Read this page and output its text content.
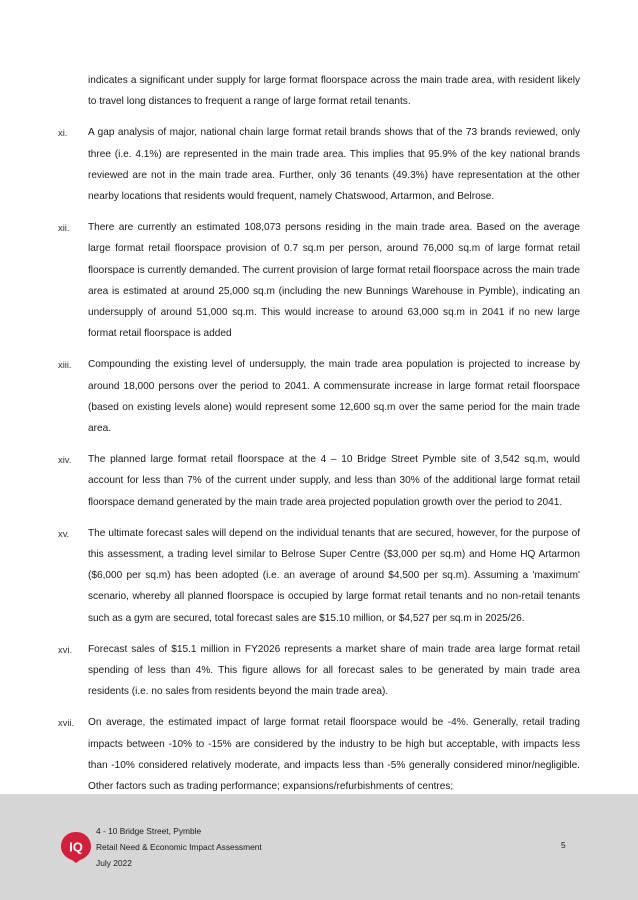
indicates a significant under supply for large format floorspace across the main trade area, with resident likely to travel long distances to frequent a range of large format retail tenants.

xi. A gap analysis of major, national chain large format retail brands shows that of the 73 brands reviewed, only three (i.e. 4.1%) are represented in the main trade area. This implies that 95.9% of the key national brands reviewed are not in the main trade area. Further, only 36 tenants (49.3%) have representation at the other nearby locations that residents would frequent, namely Chatswood, Artarmon, and Belrose.
xii. There are currently an estimated 108,073 persons residing in the main trade area. Based on the average large format retail floorspace provision of 0.7 sq.m per person, around 76,000 sq.m of large format retail floorspace is currently demanded. The current provision of large format retail floorspace across the main trade area is estimated at around 25,000 sq.m (including the new Bunnings Warehouse in Pymble), indicating an undersupply of around 51,000 sq.m. This would increase to around 63,000 sq.m in 2041 if no new large format retail floorspace is added
xiii. Compounding the existing level of undersupply, the main trade area population is projected to increase by around 18,000 persons over the period to 2041. A commensurate increase in large format retail floorspace (based on existing levels alone) would represent some 12,600 sq.m over the same period for the main trade area.
xiv. The planned large format retail floorspace at the 4 – 10 Bridge Street Pymble site of 3,542 sq.m, would account for less than 7% of the current under supply, and less than 30% of the additional large format retail floorspace demand generated by the main trade area projected population growth over the period to 2041.
xv. The ultimate forecast sales will depend on the individual tenants that are secured, however, for the purpose of this assessment, a trading level similar to Belrose Super Centre ($3,000 per sq.m) and Home HQ Artarmon ($6,000 per sq.m) has been adopted (i.e. an average of around $4,500 per sq.m). Assuming a 'maximum' scenario, whereby all planned floorspace is occupied by large format retail tenants and no non-retail tenants such as a gym are secured, total forecast sales are $15.10 million, or $4,527 per sq.m in 2025/26.
xvi. Forecast sales of $15.1 million in FY2026 represents a market share of main trade area large format retail spending of less than 4%. This figure allows for all forecast sales to be generated by main trade area residents (i.e. no sales from residents beyond the main trade area).
xvii. On average, the estimated impact of large format retail floorspace would be -4%. Generally, retail trading impacts between -10% to -15% are considered by the industry to be high but acceptable, with impacts less than -10% considered relatively moderate, and impacts less than -5% generally considered minor/negligible. Other factors such as trading performance; expansions/refurbishments of centres;
IQ
4 - 10 Bridge Street, Pymble
Retail Need & Economic Impact Assessment
July 2022
5
